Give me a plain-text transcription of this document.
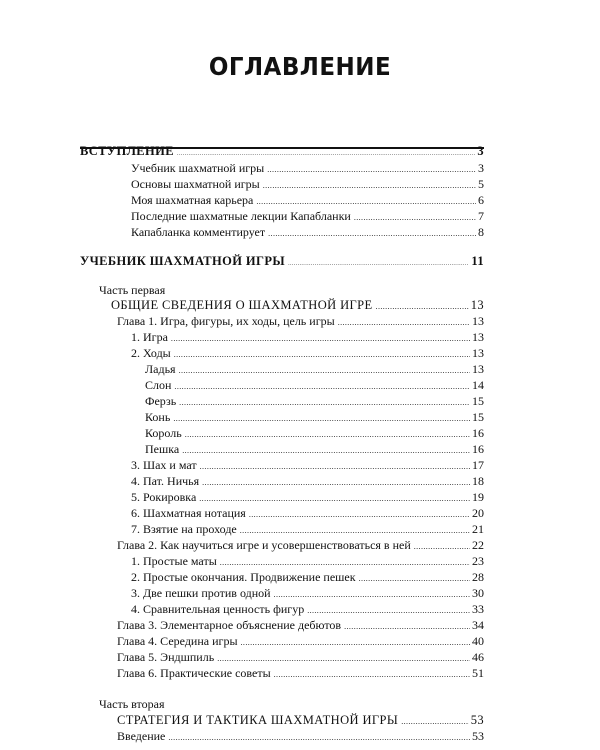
ОГЛАВЛЕНИЕ
ВСТУПЛЕНИЕ .....	3
Учебник шахматной игры .....	3
Основы шахматной игры .....	5
Моя шахматная карьера .....	6
Последние шахматные лекции Капабланки .....	7
Капабланка комментирует .....	8
УЧЕБНИК ШАХМАТНОЙ ИГРЫ .....	11
Часть первая
ОБЩИЕ СВЕДЕНИЯ О ШАХМАТНОЙ ИГРЕ .....	13
Глава 1. Игра, фигуры, их ходы, цель игры .....	13
1. Игра .....	13
2. Ходы .....	13
Ладья .....	13
Слон .....	14
Ферзь .....	15
Конь .....	15
Король .....	16
Пешка .....	16
3. Шах и мат .....	17
4. Пат. Ничья .....	18
5. Рокировка .....	19
6. Шахматная нотация .....	20
7. Взятие на проходе .....	21
Глава 2. Как научиться игре и усовершенствоваться в ней .....	22
1. Простые маты .....	23
2. Простые окончания. Продвижение пешек .....	28
3. Две пешки против одной .....	30
4. Сравнительная ценность фигур .....	33
Глава 3. Элементарное объяснение дебютов .....	34
Глава 4. Середина игры .....	40
Глава 5. Эндшпиль .....	46
Глава 6. Практические советы .....	51
Часть вторая
СТРАТЕГИЯ И ТАКТИКА ШАХМАТНОЙ ИГРЫ .....	53
Введение .....	53
